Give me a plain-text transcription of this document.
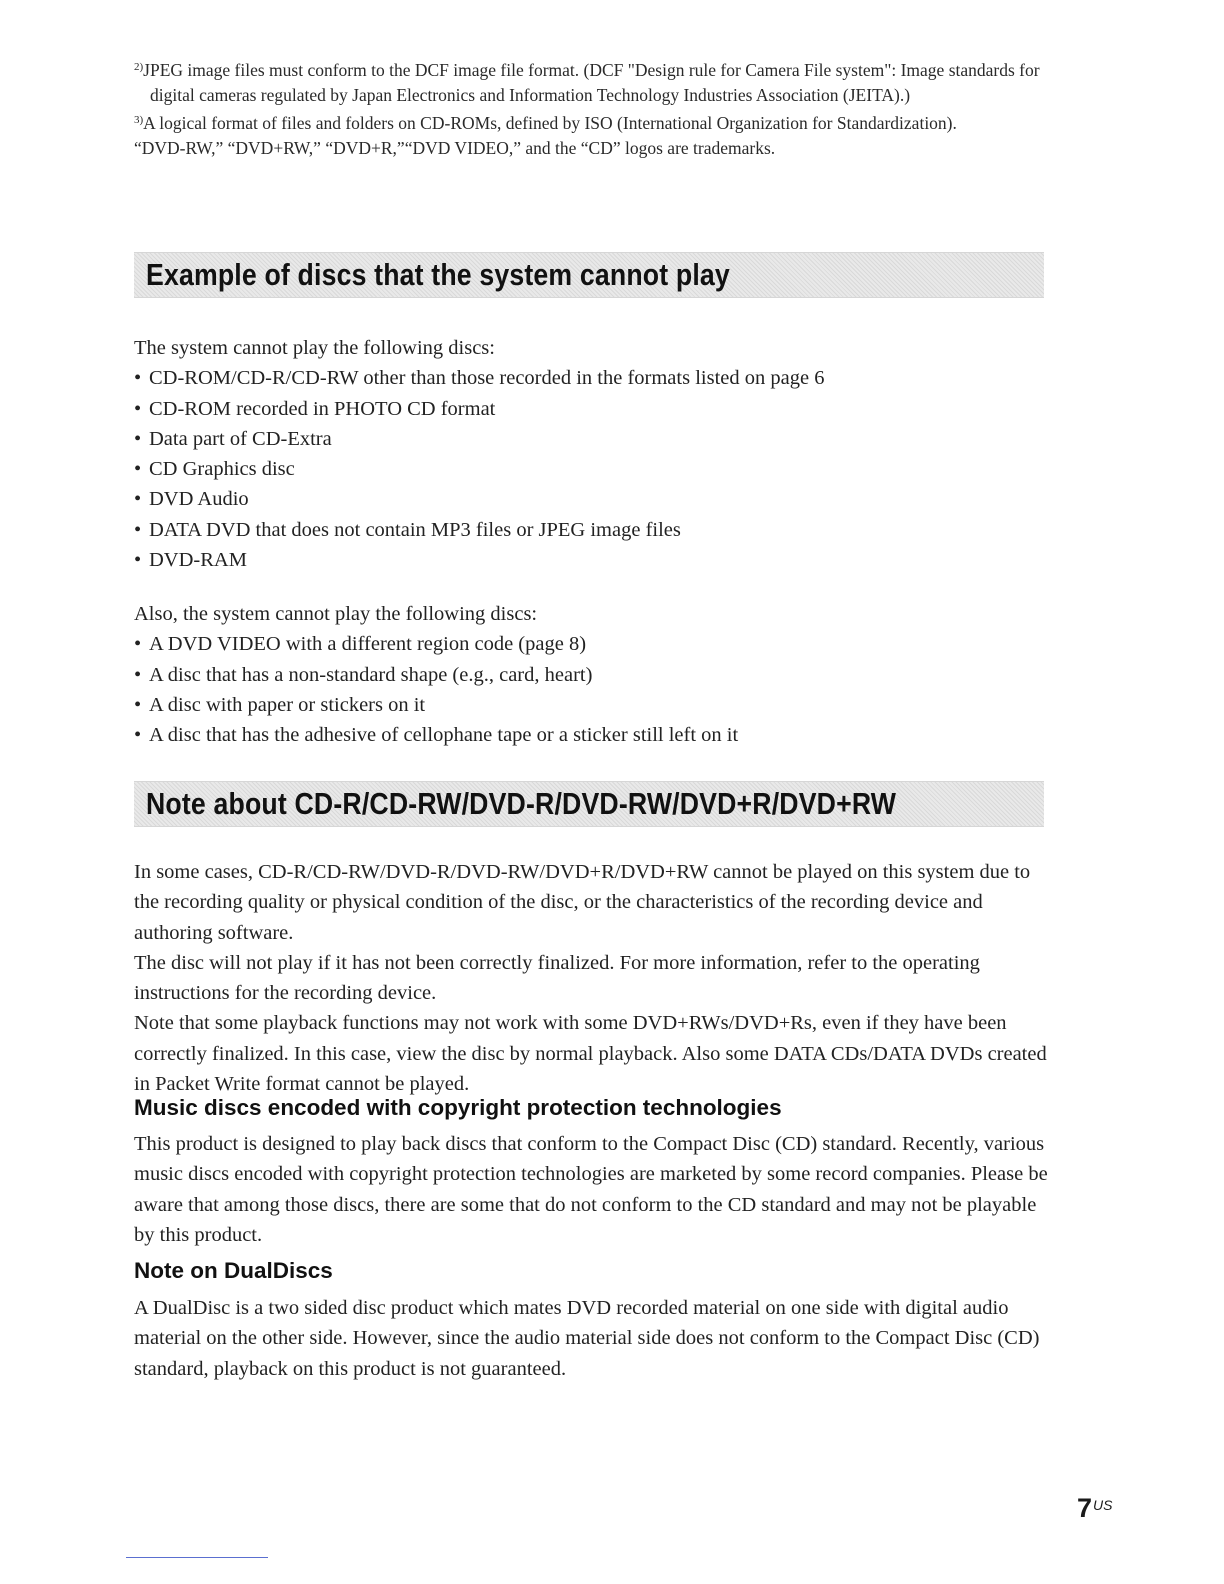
$^{2)}$JPEG image files must conform to the DCF image file format. (DCF "Design rule for Camera File system": Image standards for digital cameras regulated by Japan Electronics and Information Technology Industries Association (JEITA).)

$^{3)}$A logical format of files and folders on CD-ROMs, defined by ISO (International Organization for Standardization).

“DVD-RW,” “DVD+RW,” “DVD+R,”“DVD VIDEO,” and the “CD” logos are trademarks.

Example of discs that the system cannot play

The system cannot play the following discs:

• CD-ROM/CD-R/CD-RW other than those recorded in the formats listed on page 6
• CD-ROM recorded in PHOTO CD format
• Data part of CD-Extra
• CD Graphics disc
• DVD Audio
• DATA DVD that does not contain MP3 files or JPEG image files
• DVD-RAM

Also, the system cannot play the following discs:

• A DVD VIDEO with a different region code (page 8)
• A disc that has a non-standard shape (e.g., card, heart)
• A disc with paper or stickers on it
• A disc that has the adhesive of cellophane tape or a sticker still left on it
Note about CD-R/CD-RW/DVD-R/DVD-RW/DVD+R/DVD+RW

In some cases, CD-R/CD-RW/DVD-R/DVD-RW/DVD+R/DVD+RW cannot be played on this system due to the recording quality or physical condition of the disc, or the characteristics of the recording device and authoring software.

The disc will not play if it has not been correctly finalized. For more information, refer to the operating instructions for the recording device.

Note that some playback functions may not work with some DVD+RWs/DVD+Rs, even if they have been correctly finalized. In this case, view the disc by normal playback. Also some DATA CDs/DATA DVDs created in Packet Write format cannot be played.

Music discs encoded with copyright protection technologies

This product is designed to play back discs that conform to the Compact Disc (CD) standard. Recently, various music discs encoded with copyright protection technologies are marketed by some record companies. Please be aware that among those discs, there are some that do not conform to the CD standard and may not be playable by this product.

Note on DualDiscs

A DualDisc is a two sided disc product which mates DVD recorded material on one side with digital audio material on the other side. However, since the audio material side does not conform to the Compact Disc (CD) standard, playback on this product is not guaranteed.

$7^{US}$
